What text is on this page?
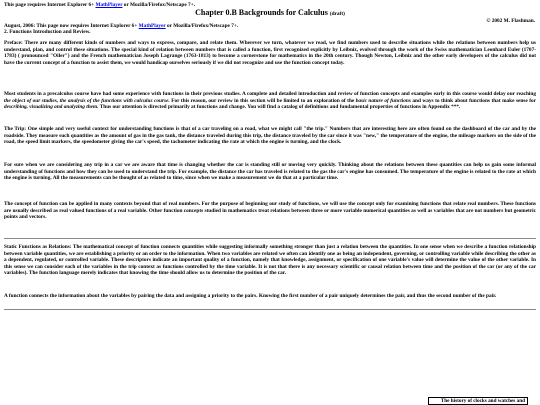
This page requires Internet Explorer 6+ MathPlayer or Mozilla/Firefox/Netscape 7+.
Chapter 0.B Backgrounds for Calculus (draft)
© 2002 M. Flashman.
August, 2006: This page now requires Internet Explorer 6+ MathPlayer or Mozilla/Firefox/Netscape 7+.
2. Functions Introduction and Review.

Preface: There are many different kinds of numbers and ways to express, compare, and relate them. Wherever we turn, whatever we read, we find numbers used to describe situations while the relations between numbers help us understand, plan, and control these situations. The special kind of relation between numbers that is called a function, first recognized explicitly by Leibniz, evolved through the work of the Swiss mathematician Leonhard Euler (1707-1783) ( pronounced "Oiler") and the French mathematician Joseph Lagrange (1763-1813) to become a cornerstone for mathematics in the 20th century. Though Newton, Leibniz and the other early developers of the calculus did not have the current concept of a function to assist them, we would handicap ourselves seriously if we did not recognize and use the function concept today.

Most students in a precalculus course have had some experience with functions in their previous studies. A complete and detailed introduction and review of function concepts and examples early in this course would delay our reaching the object of our studies, the analysis of the functions with calculus course. For this reason, our review in this section will be limited to an exploration of the basic nature of functions and ways to think about functions that make sense for describing, visualizing and analyzing them. Thus our attention is directed primarily at functions and change. You will find a catalog of definitions and fundamental properties of functions in Appendix ***.

The Trip: One simple and very useful context for understanding functions is that of a car traveling on a road, what we might call "the trip." Numbers that are interesting here are often found on the dashboard of the car and by the roadside. They measure such quantities as the amount of gas in the gas tank, the distance traveled during this trip, the distance traveled by the car since it was "new," the temperature of the engine, the mileage markers on the side of the road, the speed limit markers, the speedometer giving the car's speed, the tachometer indicating the rate at which the engine is turning, and the clock.

For sure when we are considering any trip in a car we are aware that time is changing whether the car is standing still or moving very quickly. Thinking about the relations between these quantities can help us gain some informal understanding of functions and how they can be used to understand the trip. For example, the distance the car has traveled is related to the gas the car's engine has consumed. The temperature of the engine is related to the rate at which the engine is turning. All the measurements can be thought of as related to time, since when we make a measurement we do that at a particular time.

The concept of function can be applied in many contexts beyond that of real numbers. For the purpose of beginning our study of functions, we will use the concept only for examining functions that relate real numbers. These functions are usually described as real valued functions of a real variable. Other function concepts studied in mathematics treat relations between three or more variable numerical quantities as well as variables that are not numbers but geometric points and vectors.

Static Functions as Relations: The mathematical concept of function connects quantities while suggesting informally something stronger than just a relation between the quantities. In one sense when we describe a function relationship between variable quantities, we are establishing a priority or an order to the information. When two variables are related we often can identify one as being an independent, governing, or controlling variable while describing the other as a dependent, regulated, or controlled variable. These descriptors indicate an important quality of a function, namely that knowledge, assignment, or specification of one variable's value will determine the value of the other variable. In this sense we can consider each of the variables in the trip context as functions controlled by the time variable. It is not that there is any necessary scientific or causal relation between time and the position of the car (or any of the car variables). The function language merely indicates that knowing the time should allow us to determine the position of the car.

A function connects the information about the variables by pairing the data and assigning a priority to the pairs. Knowing the first number of a pair uniquely determines the pair, and thus the second number of the pair.

The history of clocks and watches and
